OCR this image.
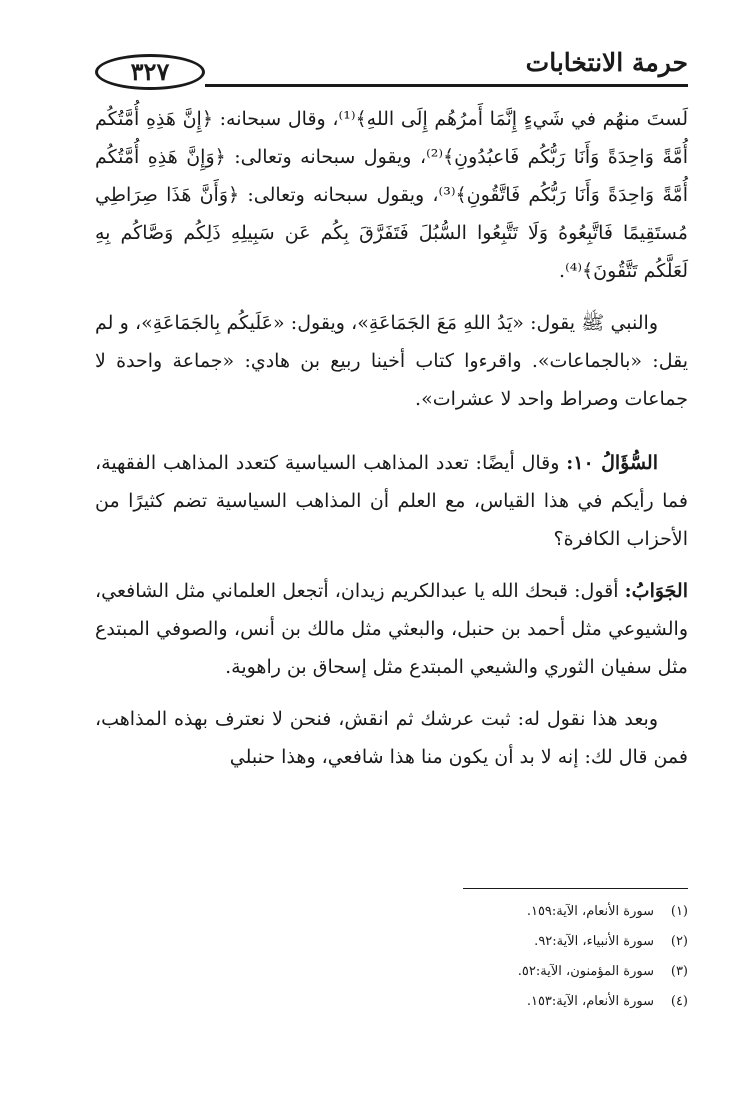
حرمة الانتخابات
٣٢٧

لَستَ منهُم في شَيءٍ إِنَّمَا أَمرُهُم إِلَى اللهِ﴾⁽¹⁾، وقال سبحانه: ﴿إِنَّ هَذِهِ أُمَّتُكُم أُمَّةً وَاحِدَةً وَأَنَا رَبُّكُم فَاعبُدُونِ﴾⁽²⁾، ويقول سبحانه وتعالى: ﴿وَإِنَّ هَذِهِ أُمَّتُكُم أُمَّةً وَاحِدَةً وَأَنَا رَبُّكُم فَاتَّقُونِ﴾⁽³⁾، ويقول سبحانه وتعالى: ﴿وَأَنَّ هَذَا صِرَاطِي مُستَقِيمًا فَاتَّبِعُوهُ وَلَا تَتَّبِعُوا السُّبُلَ فَتَفَرَّقَ بِكُم عَن سَبِيلِهِ ذَلِكُم وَصَّاكُم بِهِ لَعَلَّكُم تَتَّقُونَ﴾⁽⁴⁾.

والنبي ﷺ يقول: «يَدُ اللهِ مَعَ الجَمَاعَةِ»، ويقول: «عَلَيكُم بِالجَمَاعَةِ»، و لم يقل: «بالجماعات». واقرءوا كتاب أخينا ربيع بن هادي: «جماعة واحدة لا جماعات وصراط واحد لا عشرات».

السُّؤَالُ ١٠: وقال أيضًا: تعدد المذاهب السياسية كتعدد المذاهب الفقهية، فما رأيكم في هذا القياس، مع العلم أن المذاهب السياسية تضم كثيرًا من الأحزاب الكافرة؟

الجَوَابُ: أقول: قبحك الله يا عبدالكريم زيدان، أتجعل العلماني مثل الشافعي، والشيوعي مثل أحمد بن حنبل، والبعثي مثل مالك بن أنس، والصوفي المبتدع مثل سفيان الثوري والشيعي المبتدع مثل إسحاق بن راهوية.

وبعد هذا نقول له: ثبت عرشك ثم انقش، فنحن لا نعترف بهذه المذاهب، فمن قال لك: إنه لا بد أن يكون منا هذا شافعي، وهذا حنبلي

(١)
سورة الأنعام، الآية:١٥٩.
(٢)
سورة الأنبياء، الآية:٩٢.
(٣)
سورة المؤمنون، الآية:٥٢.
(٤)
سورة الأنعام، الآية:١٥٣.
